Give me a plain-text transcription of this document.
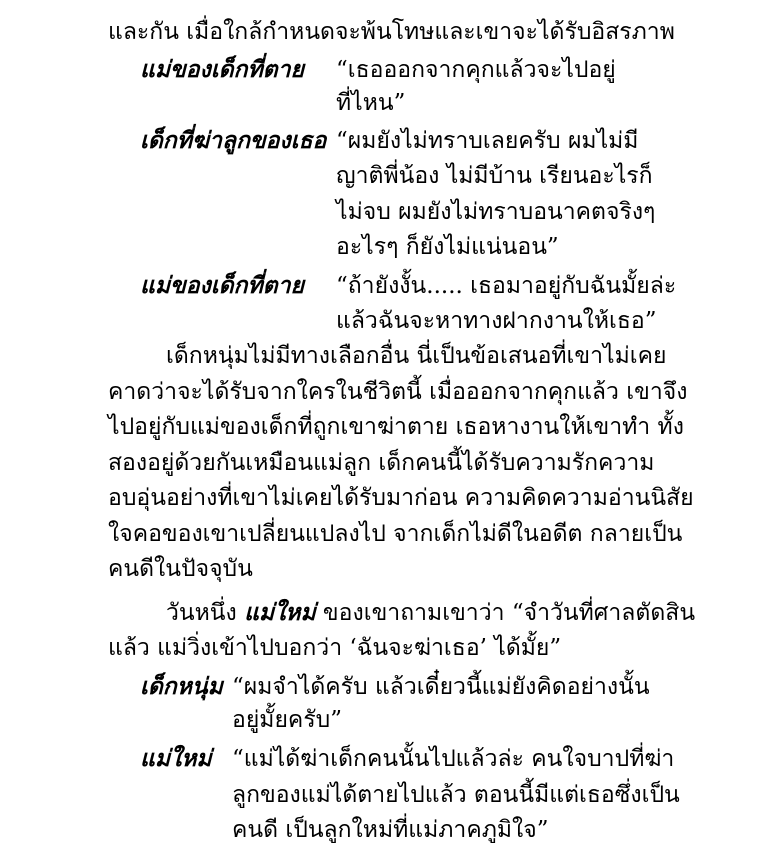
และกัน เมื่อใกล้กำหนดจะพ้นโทษและเขาจะได้รับอิสรภาพ
แม่ของเด็กที่ตาย “เธอออกจากคุกแล้วจะไปอยู่
ที่ไหน”
เด็กที่ฆ่าลูกของเธอ “ผมยังไม่ทราบเลยครับ ผมไม่มี
ญาติพี่น้อง ไม่มีบ้าน เรียนอะไรก็
ไม่จบ ผมยังไม่ทราบอนาคตจริงๆ
อะไรๆ ก็ยังไม่แน่นอน”
แม่ของเด็กที่ตาย “ถ้ายังงั้น..... เธอมาอยู่กับฉันมั้ยล่ะ
แล้วฉันจะหาทางฝากงานให้เธอ”
เด็กหนุ่มไม่มีทางเลือกอื่น นี่เป็นข้อเสนอที่เขาไม่เคย
คาดว่าจะได้รับจากใครในชีวิตนี้ เมื่อออกจากคุกแล้ว เขาจึง
ไปอยู่กับแม่ของเด็กที่ถูกเขาฆ่าตาย เธอหางานให้เขาทำ ทั้ง
สองอยู่ด้วยกันเหมือนแม่ลูก เด็กคนนี้ได้รับความรักความ
อบอุ่นอย่างที่เขาไม่เคยได้รับมาก่อน ความคิดความอ่านนิสัย
ใจคอของเขาเปลี่ยนแปลงไป จากเด็กไม่ดีในอดีต กลายเป็น
คนดีในปัจจุบัน
วันหนึ่ง แม่ใหม่ ของเขาถามเขาว่า “จำวันที่ศาลตัดสิน
แล้ว แม่วิ่งเข้าไปบอกว่า ‘ฉันจะฆ่าเธอ’ ได้มั้ย”
เด็กหนุ่ม “ผมจำได้ครับ แล้วเดี๋ยวนี้แม่ยังคิดอย่างนั้น
อยู่มั้ยครับ”
แม่ใหม่ “แม่ได้ฆ่าเด็กคนนั้นไปแล้วล่ะ คนใจบาปที่ฆ่า
ลูกของแม่ได้ตายไปแล้ว ตอนนี้มีแต่เธอซึ่งเป็น
คนดี เป็นลูกใหม่ที่แม่ภาคภูมิใจ”
